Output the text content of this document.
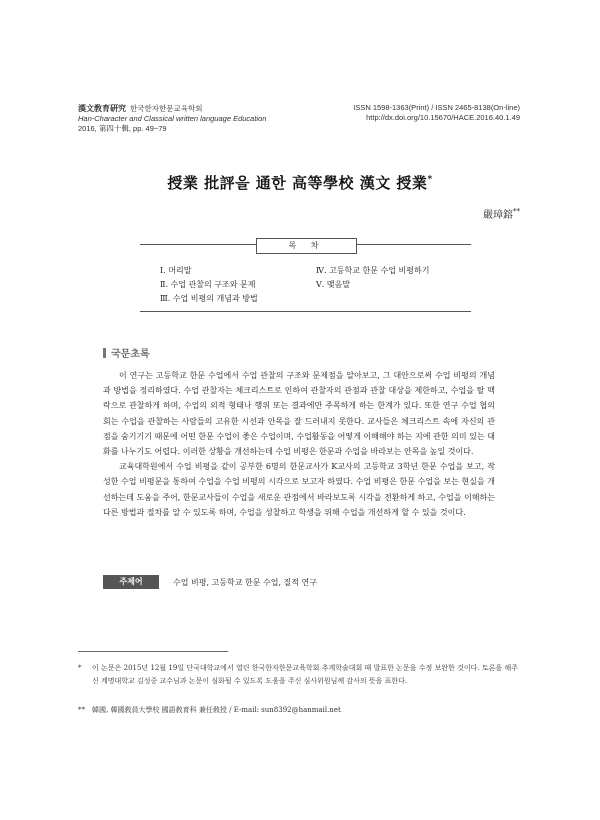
漢文敎育硏究 한국한자한문교육학회
Han-Character and Classical written language Education
2016, 第四十輯, pp. 49~79
ISSN 1598-1363(Print) / ISSN 2465-8138(On-line)
http://dx.doi.org/10.15670/HACE.2016.40.1.49
授業 批評을 通한 高等學校 漢文 授業*
嚴璋鎔**
목 차
Ⅰ. 머리말
Ⅱ. 수업 관찰의 구조와 문제
Ⅲ. 수업 비평의 개념과 방법
Ⅳ. 고등학교 한문 수업 비평하기
Ⅴ. 맺음말
국문초록

이 연구는 고등학교 한문 수업에서 수업 관찰의 구조와 문제점을 알아보고, 그 대안으로써 수업 비평의 개념과 방법을 정리하였다. 수업 관찰자는 체크리스트로 인하여 관찰자의 관점과 관찰 대상을 제한하고, 수업을 탈 맥락으로 관찰하게 하며, 수업의 외적 형태나 행위 또는 결과에만 주목하게 하는 한계가 있다. 또한 연구 수업 협의회는 수업을 관찰하는 사람들의 고유한 시선과 안목을 잘 드러내지 못한다. 교사들은 체크리스트 속에 자신의 관점을 숨기기기 때문에 어떤 한문 수업이 좋은 수업이며, 수업활동을 어떻게 이해해야 하는 지에 관한 의미 있는 대화를 나누기도 어렵다. 이러한 상황을 개선하는데 수업 비평은 한문과 수업을 바라보는 안목을 높일 것이다.

교육대학원에서 수업 비평을 같이 공부한 6명의 한문교사가 K교사의 고등학교 3학년 한문 수업을 보고, 작성한 수업 비평문을 통하여 수업을 수업 비평의 시각으로 보고자 하였다. 수업 비평은 한문 수업을 보는 현실을 개선하는데 도움을 주어, 한문교사들이 수업을 새로운 관점에서 바라보도록 시각을 전환하게 하고, 수업을 이해하는 다른 방법과 절차를 알 수 있도록 하며, 수업을 성찰하고 학생을 위해 수업을 개선하게 할 수 있을 것이다.

주제어	수업 비평, 고등학교 한문 수업, 질적 연구
*	이 논문은 2015년 12월 19일 단국대학교에서 열린 한국한자한문교육학회 추계학술대회 때 발표한 논문을 수정 보완한 것이다. 토론을 해주신 계명대학교 김성중 교수님과 논문이 심화될 수 있도록 도움을 주신 심사위원님께 감사의 뜻을 표한다.
**	韓國, 韓國敎員大學校 國語敎育科 兼任敎授 / E-mail: sun8392@hanmail.net
